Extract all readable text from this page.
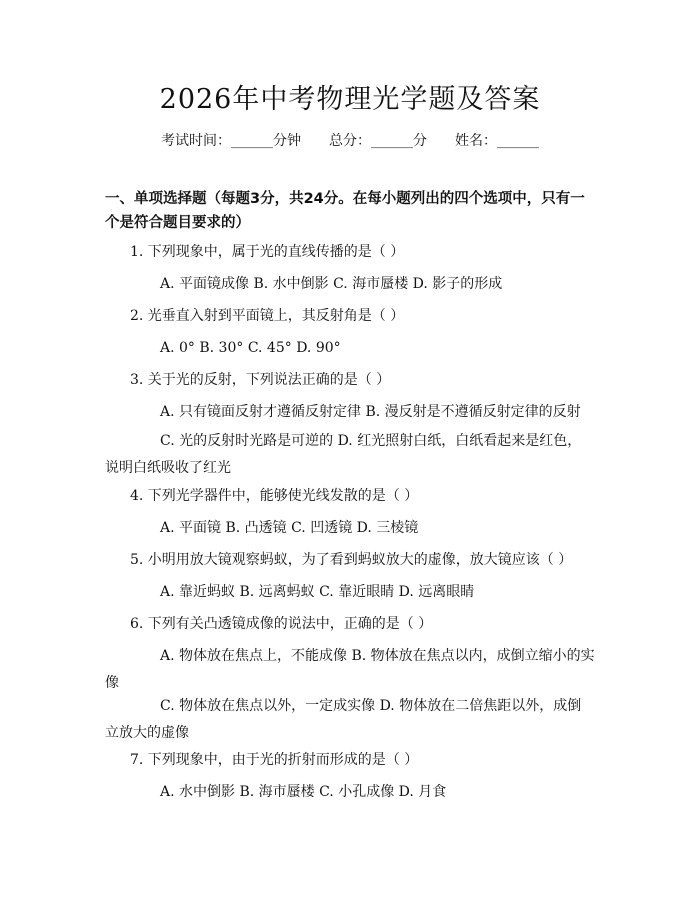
2026年中考物理光学题及答案
考试时间：______分钟　　总分：______分　　姓名：______
一、单项选择题（每题3分，共24分。在每小题列出的四个选项中，只有一个是符合题目要求的）
1. 下列现象中，属于光的直线传播的是（ ）
A. 平面镜成像 B. 水中倒影 C. 海市蜃楼 D. 影子的形成
2. 光垂直入射到平面镜上，其反射角是（ ）
A. 0° B. 30° C. 45° D. 90°
3. 关于光的反射，下列说法正确的是（ ）
A. 只有镜面反射才遵循反射定律 B. 漫反射是不遵循反射定律的反射
C. 光的反射时光路是可逆的 D. 红光照射白纸，白纸看起来是红色，说明白纸吸收了红光
4. 下列光学器件中，能够使光线发散的是（ ）
A. 平面镜 B. 凸透镜 C. 凹透镜 D. 三棱镜
5. 小明用放大镜观察蚂蚁，为了看到蚂蚁放大的虚像，放大镜应该（ ）
A. 靠近蚂蚁 B. 远离蚂蚁 C. 靠近眼睛 D. 远离眼睛
6. 下列有关凸透镜成像的说法中，正确的是（ ）
A. 物体放在焦点上，不能成像 B. 物体放在焦点以内，成倒立缩小的实像
C. 物体放在焦点以外，一定成实像 D. 物体放在二倍焦距以外，成倒立放大的虚像
7. 下列现象中，由于光的折射而形成的是（ ）
A. 水中倒影 B. 海市蜃楼 C. 小孔成像 D. 月食
